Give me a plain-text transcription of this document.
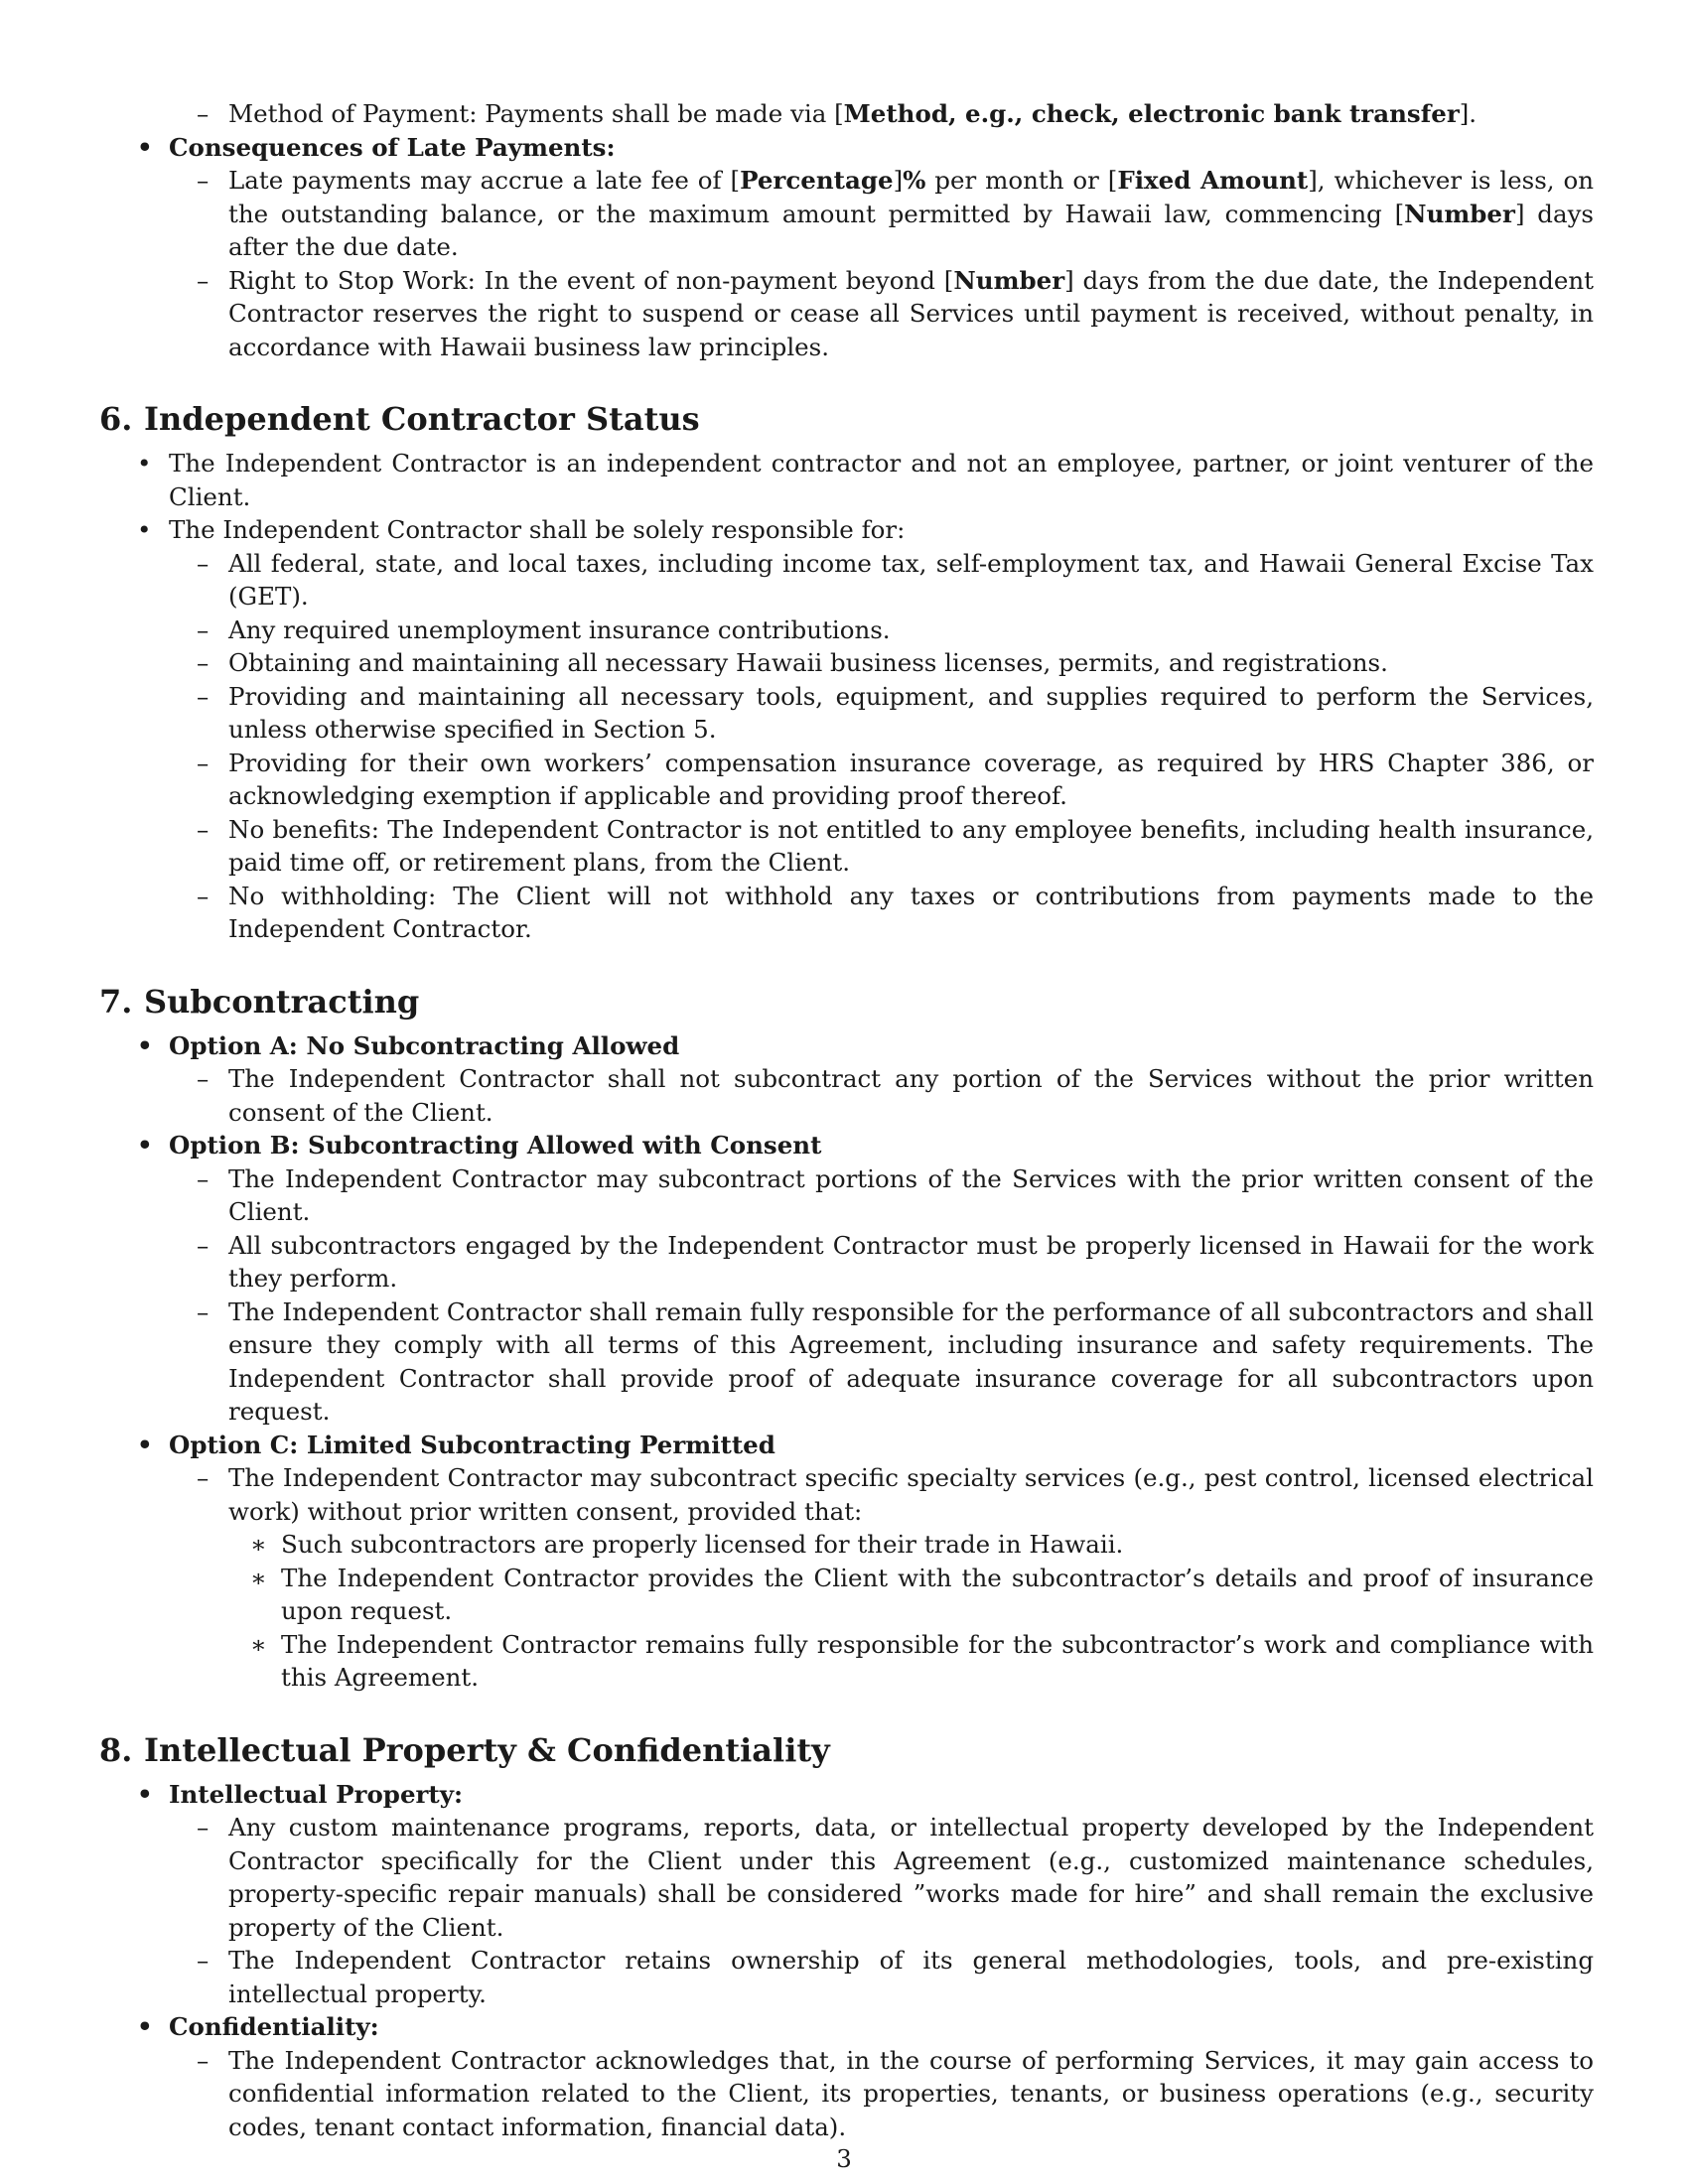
– Method of Payment: Payments shall be made via [Method, e.g., check, electronic bank transfer].
• Consequences of Late Payments:
– Late payments may accrue a late fee of [Percentage]% per month or [Fixed Amount], whichever is less, on the outstanding balance, or the maximum amount permitted by Hawaii law, commencing [Number] days after the due date.
– Right to Stop Work: In the event of non-payment beyond [Number] days from the due date, the Independent Contractor reserves the right to suspend or cease all Services until payment is received, without penalty, in accordance with Hawaii business law principles.
6. Independent Contractor Status
• The Independent Contractor is an independent contractor and not an employee, partner, or joint venturer of the Client.
• The Independent Contractor shall be solely responsible for:
– All federal, state, and local taxes, including income tax, self-employment tax, and Hawaii General Excise Tax (GET).
– Any required unemployment insurance contributions.
– Obtaining and maintaining all necessary Hawaii business licenses, permits, and registrations.
– Providing and maintaining all necessary tools, equipment, and supplies required to perform the Services, unless otherwise specified in Section 5.
– Providing for their own workers’ compensation insurance coverage, as required by HRS Chapter 386, or acknowledging exemption if applicable and providing proof thereof.
– No benefits: The Independent Contractor is not entitled to any employee benefits, including health insurance, paid time off, or retirement plans, from the Client.
– No withholding: The Client will not withhold any taxes or contributions from payments made to the Independent Contractor.
7. Subcontracting
• Option A: No Subcontracting Allowed
– The Independent Contractor shall not subcontract any portion of the Services without the prior written consent of the Client.
• Option B: Subcontracting Allowed with Consent
– The Independent Contractor may subcontract portions of the Services with the prior written consent of the Client.
– All subcontractors engaged by the Independent Contractor must be properly licensed in Hawaii for the work they perform.
– The Independent Contractor shall remain fully responsible for the performance of all subcontractors and shall ensure they comply with all terms of this Agreement, including insurance and safety requirements. The Independent Contractor shall provide proof of adequate insurance coverage for all subcontractors upon request.
• Option C: Limited Subcontracting Permitted
– The Independent Contractor may subcontract specific specialty services (e.g., pest control, licensed electrical work) without prior written consent, provided that:
∗ Such subcontractors are properly licensed for their trade in Hawaii.
∗ The Independent Contractor provides the Client with the subcontractor’s details and proof of insurance upon request.
∗ The Independent Contractor remains fully responsible for the subcontractor’s work and compliance with this Agreement.
8. Intellectual Property & Confidentiality
• Intellectual Property:
– Any custom maintenance programs, reports, data, or intellectual property developed by the Independent Contractor specifically for the Client under this Agreement (e.g., customized maintenance schedules, property-specific repair manuals) shall be considered ”works made for hire” and shall remain the exclusive property of the Client.
– The Independent Contractor retains ownership of its general methodologies, tools, and pre-existing intellectual property.
• Confidentiality:
– The Independent Contractor acknowledges that, in the course of performing Services, it may gain access to confidential information related to the Client, its properties, tenants, or business operations (e.g., security codes, tenant contact information, financial data).
3
